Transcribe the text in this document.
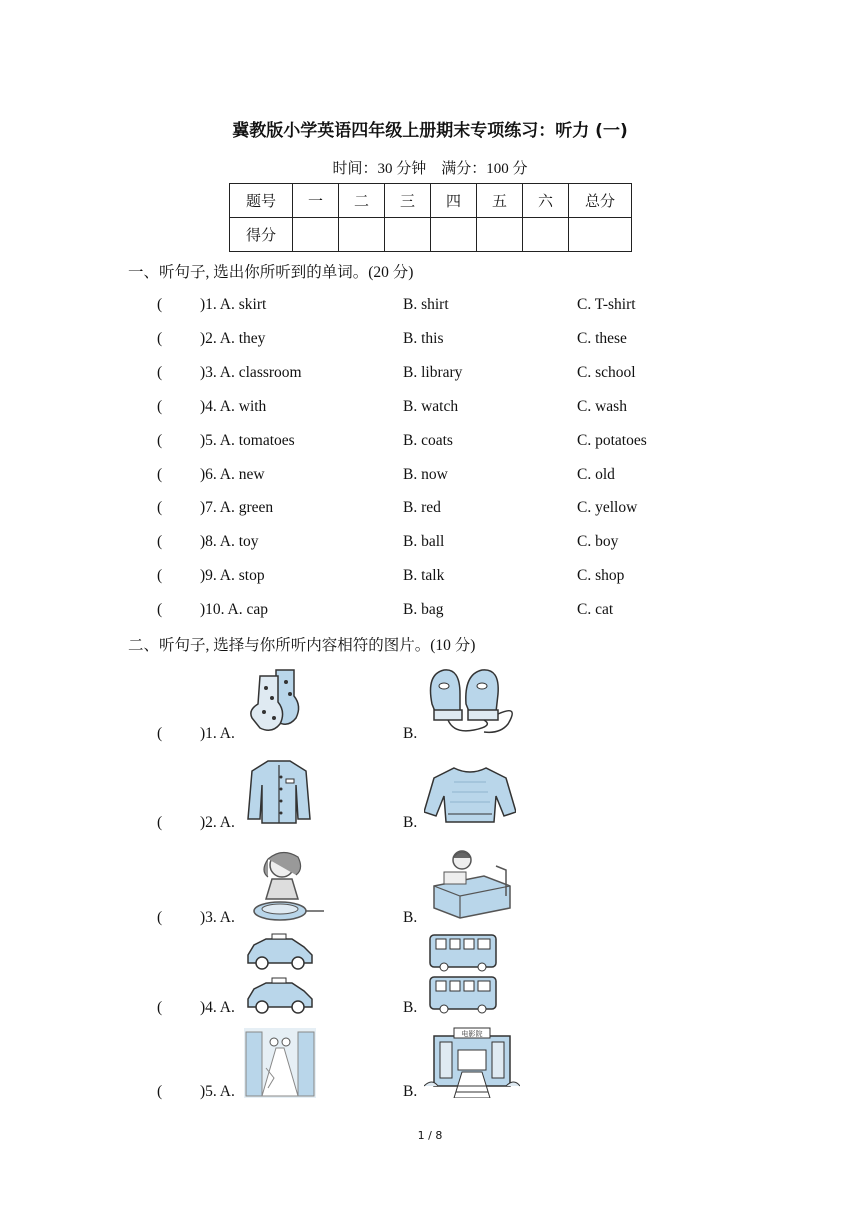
冀教版小学英语四年级上册期末专项练习：听力 (一)
时间：30 分钟　满分：100 分
题号	一	二	三	四	五	六	总分
得分							
一、听句子, 选出你所听到的单词。(20 分)
( )1. A. skirt	B. shirt	C. T-shirt
( )2. A. they	B. this	C. these
( )3. A. classroom	B. library	C. school
( )4. A. with	B. watch	C. wash
( )5. A. tomatoes	B. coats	C. potatoes
( )6. A. new	B. now	C. old
( )7. A. green	B. red	C. yellow
( )8. A. toy	B. ball	C. boy
( )9. A. stop	B. talk	C. shop
( )10. A. cap	B. bag	C. cat
二、听句子, 选择与你所听内容相符的图片。(10 分)
( )1. A.	B.
( )2. A.	B.
( )3. A.	B.
( )4. A.	B.
( )5. A.	B.
电影院
1 / 8
